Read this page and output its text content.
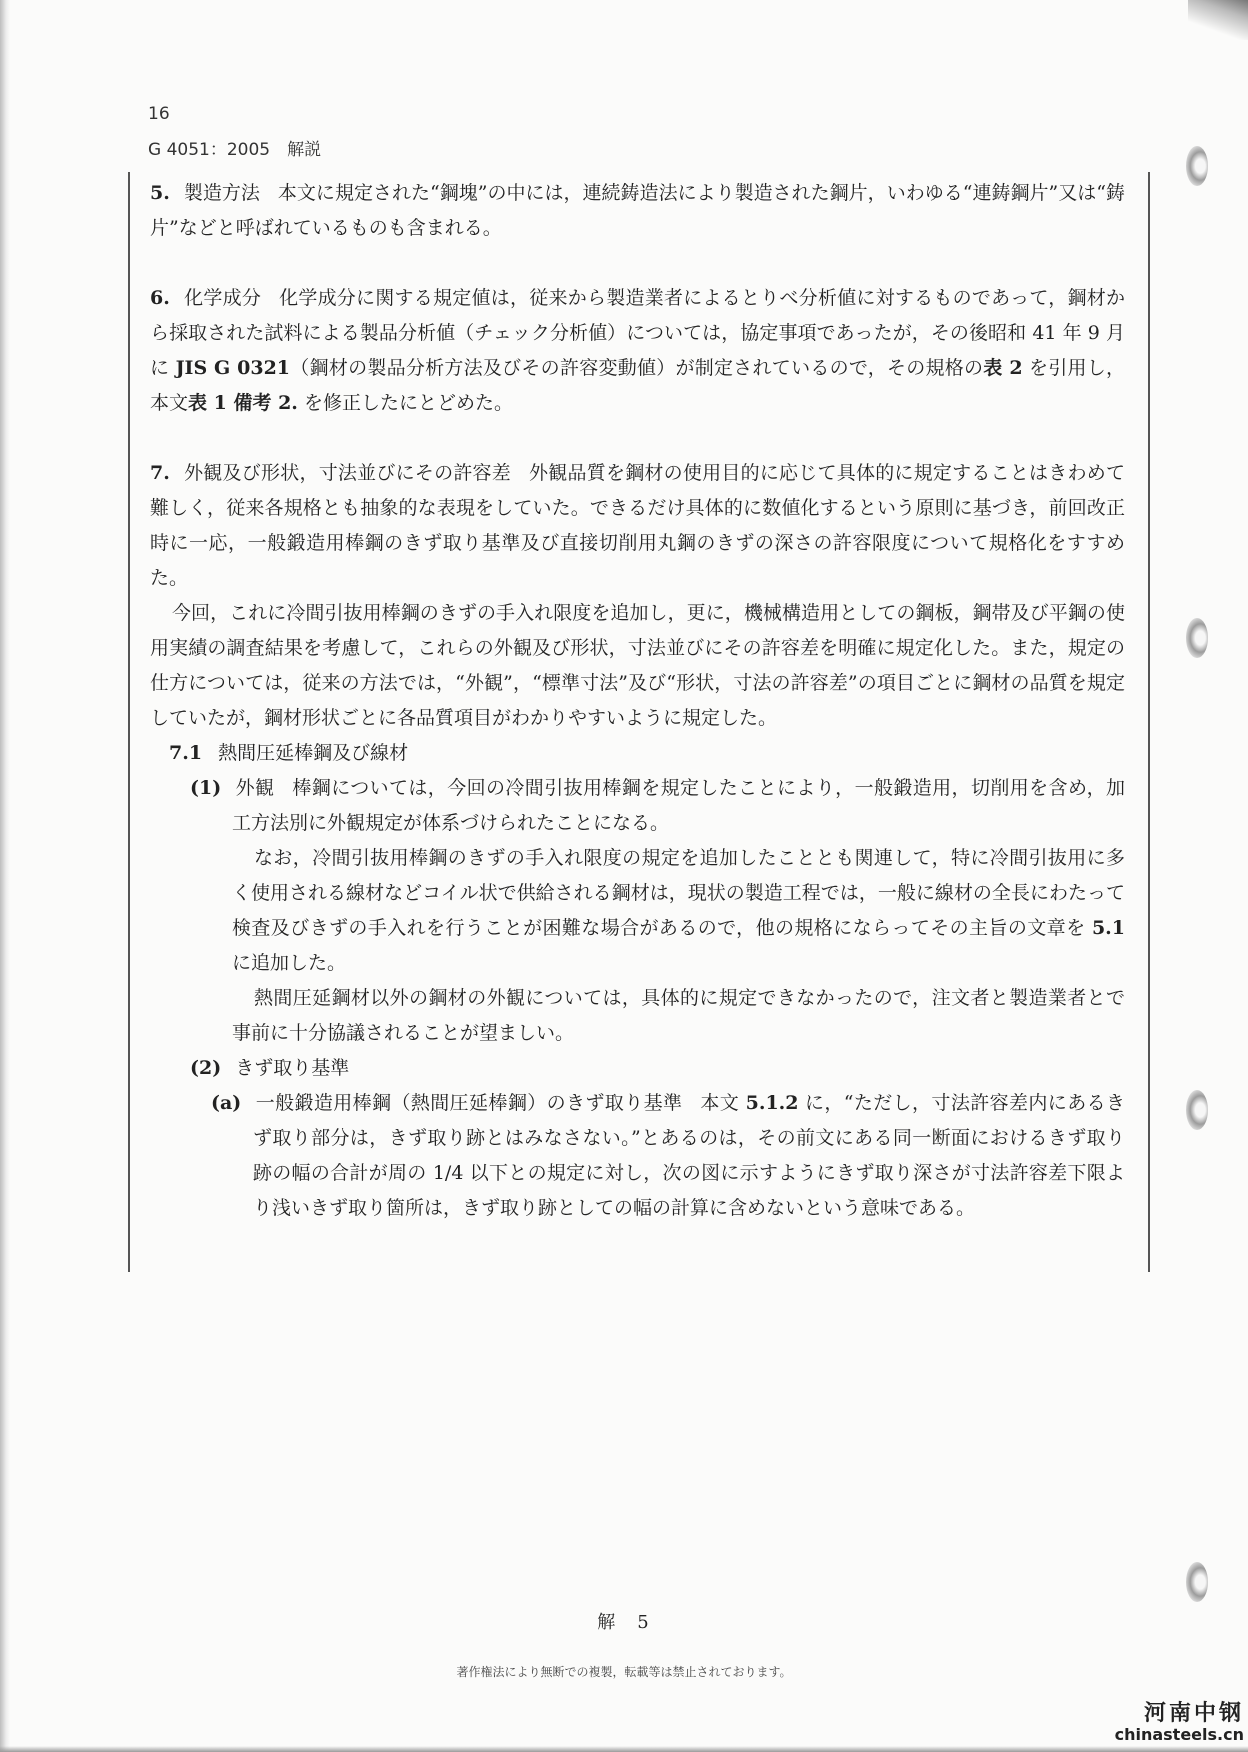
16
G 4051：2005　解説

5. 製造方法 本文に規定された“鋼塊”の中には，連続鋳造法により製造された鋼片，いわゆる“連鋳鋼片”又は“鋳片”などと呼ばれているものも含まれる。

6. 化学成分 化学成分に関する規定値は，従来から製造業者によるとりべ分析値に対するものであって，鋼材から採取された試料による製品分析値（チェック分析値）については，協定事項であったが，その後昭和 41 年 9 月に JIS G 0321（鋼材の製品分析方法及びその許容変動値）が制定されているので，その規格の表 2 を引用し，本文表 1 備考 2. を修正したにとどめた。

7. 外観及び形状，寸法並びにその許容差 外観品質を鋼材の使用目的に応じて具体的に規定することはきわめて難しく，従来各規格とも抽象的な表現をしていた。できるだけ具体的に数値化するという原則に基づき，前回改正時に一応，一般鍛造用棒鋼のきず取り基準及び直接切削用丸鋼のきずの深さの許容限度について規格化をすすめた。

今回，これに冷間引抜用棒鋼のきずの手入れ限度を追加し，更に，機械構造用としての鋼板，鋼帯及び平鋼の使用実績の調査結果を考慮して，これらの外観及び形状，寸法並びにその許容差を明確に規定化した。また，規定の仕方については，従来の方法では，“外観”，“標準寸法”及び“形状，寸法の許容差”の項目ごとに鋼材の品質を規定していたが，鋼材形状ごとに各品質項目がわかりやすいように規定した。

7.1 熱間圧延棒鋼及び線材

(1) 外観 棒鋼については，今回の冷間引抜用棒鋼を規定したことにより，一般鍛造用，切削用を含め，加工方法別に外観規定が体系づけられたことになる。

なお，冷間引抜用棒鋼のきずの手入れ限度の規定を追加したこととも関連して，特に冷間引抜用に多く使用される線材などコイル状で供給される鋼材は，現状の製造工程では，一般に線材の全長にわたって検査及びきずの手入れを行うことが困難な場合があるので，他の規格にならってその主旨の文章を 5.1 に追加した。

熱間圧延鋼材以外の鋼材の外観については，具体的に規定できなかったので，注文者と製造業者とで事前に十分協議されることが望ましい。

(2) きず取り基準

(a) 一般鍛造用棒鋼（熱間圧延棒鋼）のきず取り基準 本文 5.1.2 に，“ただし，寸法許容差内にあるきず取り部分は，きず取り跡とはみなさない。”とあるのは，その前文にある同一断面におけるきず取り跡の幅の合計が周の 1/4 以下との規定に対し，次の図に示すようにきず取り深さが寸法許容差下限より浅いきず取り箇所は，きず取り跡としての幅の計算に含めないという意味である。

解　5
著作権法により無断での複製，転載等は禁止されております。
河南中钢
chinasteels.cn
